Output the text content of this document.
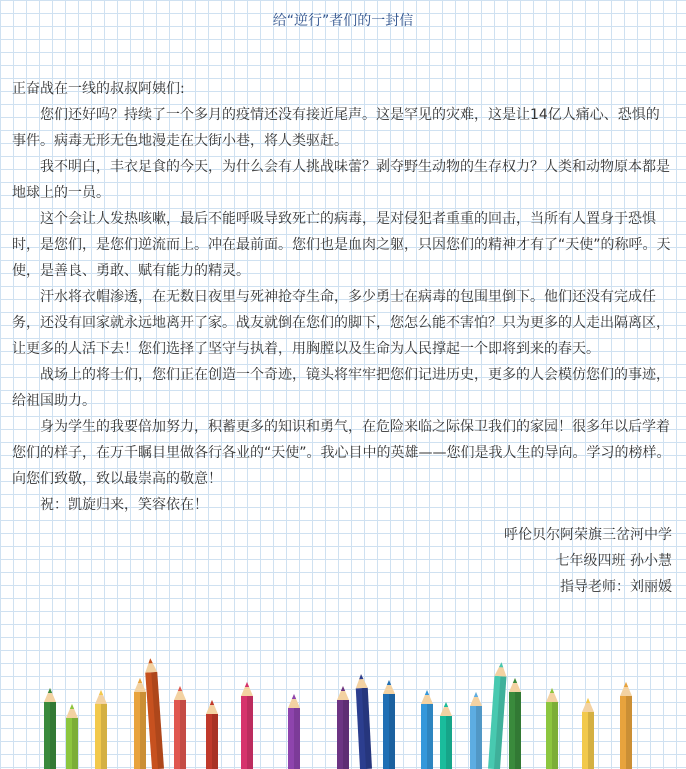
给“逆行”者们的一封信

正奋战在一线的叔叔阿姨们:

您们还好吗？持续了一个多月的疫情还没有接近尾声。这是罕见的灾难，这是让14亿人痛心、恐惧的事件。病毒无形无色地漫走在大街小巷，将人类驱赶。

我不明白，丰衣足食的今天，为什么会有人挑战味蕾？剥夺野生动物的生存权力？人类和动物原本都是地球上的一员。

这个会让人发热咳嗽，最后不能呼吸导致死亡的病毒，是对侵犯者重重的回击，当所有人置身于恐惧时，是您们，是您们逆流而上。冲在最前面。您们也是血肉之躯，只因您们的精神才有了“天使”的称呼。天使，是善良、勇敢、赋有能力的精灵。

汗水将衣帽渗透，在无数日夜里与死神抢夺生命，多少勇士在病毒的包围里倒下。他们还没有完成任务，还没有回家就永远地离开了家。战友就倒在您们的脚下，您怎么能不害怕？只为更多的人走出隔离区，让更多的人活下去！您们选择了坚守与执着，用胸膛以及生命为人民撑起一个即将到来的春天。

战场上的将士们，您们正在创造一个奇迹，镜头将牢牢把您们记进历史，更多的人会模仿您们的事迹，给祖国助力。

身为学生的我要倍加努力，积蓄更多的知识和勇气，在危险来临之际保卫我们的家园！很多年以后学着您们的样子，在万千瞩目里做各行各业的“天使”。我心目中的英雄——您们是我人生的导向。学习的榜样。向您们致敬，致以最崇高的敬意！

祝：凯旋归来，笑容依在！

呼伦贝尔阿荣旗三岔河中学
七年级四班 孙小慧
指导老师：刘丽媛
